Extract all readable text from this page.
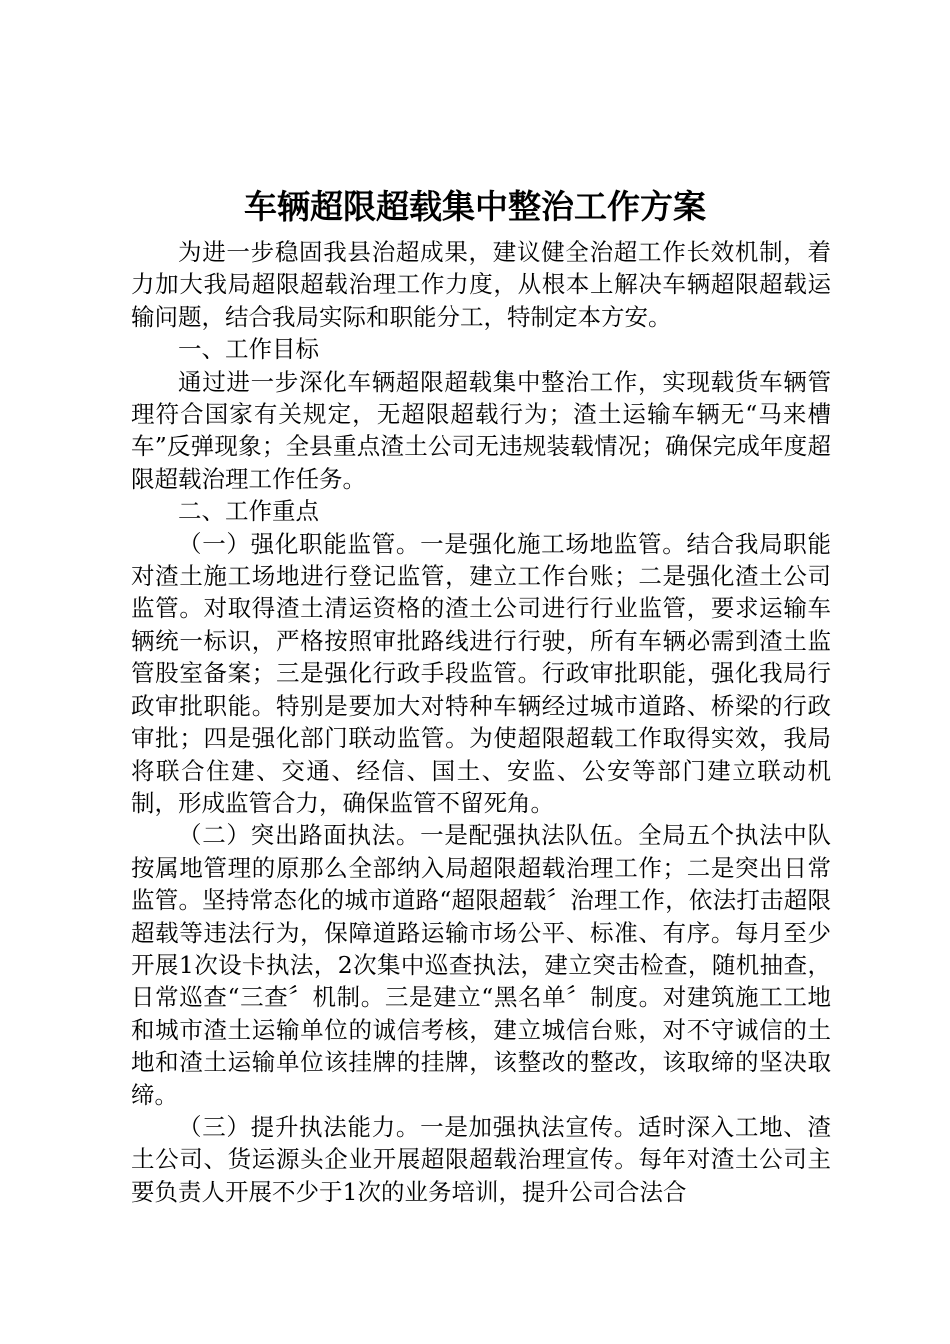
车辆超限超载集中整治工作方案

为进一步稳固我县治超成果，建议健全治超工作长效机制，着力加大我局超限超载治理工作力度，从根本上解决车辆超限超载运输问题，结合我局实际和职能分工，特制定本方安。

一、工作目标

通过进一步深化车辆超限超载集中整治工作，实现载货车辆管理符合国家有关规定，无超限超载行为；渣土运输车辆无“马来槽车”反弹现象；全县重点渣土公司无违规装载情况；确保完成年度超限超载治理工作任务。

二、工作重点

（一）强化职能监管。一是强化施工场地监管。结合我局职能对渣土施工场地进行登记监管，建立工作台账；二是强化渣土公司监管。对取得渣土清运资格的渣土公司进行行业监管，要求运输车辆统一标识，严格按照审批路线进行行驶，所有车辆必需到渣土监管股室备案；三是强化行政手段监管。行政审批职能，强化我局行政审批职能。特别是要加大对特种车辆经过城市道路、桥梁的行政审批；四是强化部门联动监管。为使超限超载工作取得实效，我局将联合住建、交通、经信、国土、安监、公安等部门建立联动机制，形成监管合力，确保监管不留死角。

（二）突出路面执法。一是配强执法队伍。全局五个执法中队按属地管理的原那么全部纳入局超限超载治理工作；二是突出日常监管。坚持常态化的城市道路“超限超载〞治理工作，依法打击超限超载等违法行为，保障道路运输市场公平、标准、有序。每月至少开展1次设卡执法，2次集中巡查执法，建立突击检查，随机抽查，日常巡查“三查〞机制。三是建立“黑名单〞制度。对建筑施工工地和城市渣土运输单位的诚信考核，建立城信台账，对不守诚信的土地和渣土运输单位该挂牌的挂牌，该整改的整改，该取缔的坚决取缔。

（三）提升执法能力。一是加强执法宣传。适时深入工地、渣土公司、货运源头企业开展超限超载治理宣传。每年对渣土公司主要负责人开展不少于1次的业务培训，提升公司合法合
